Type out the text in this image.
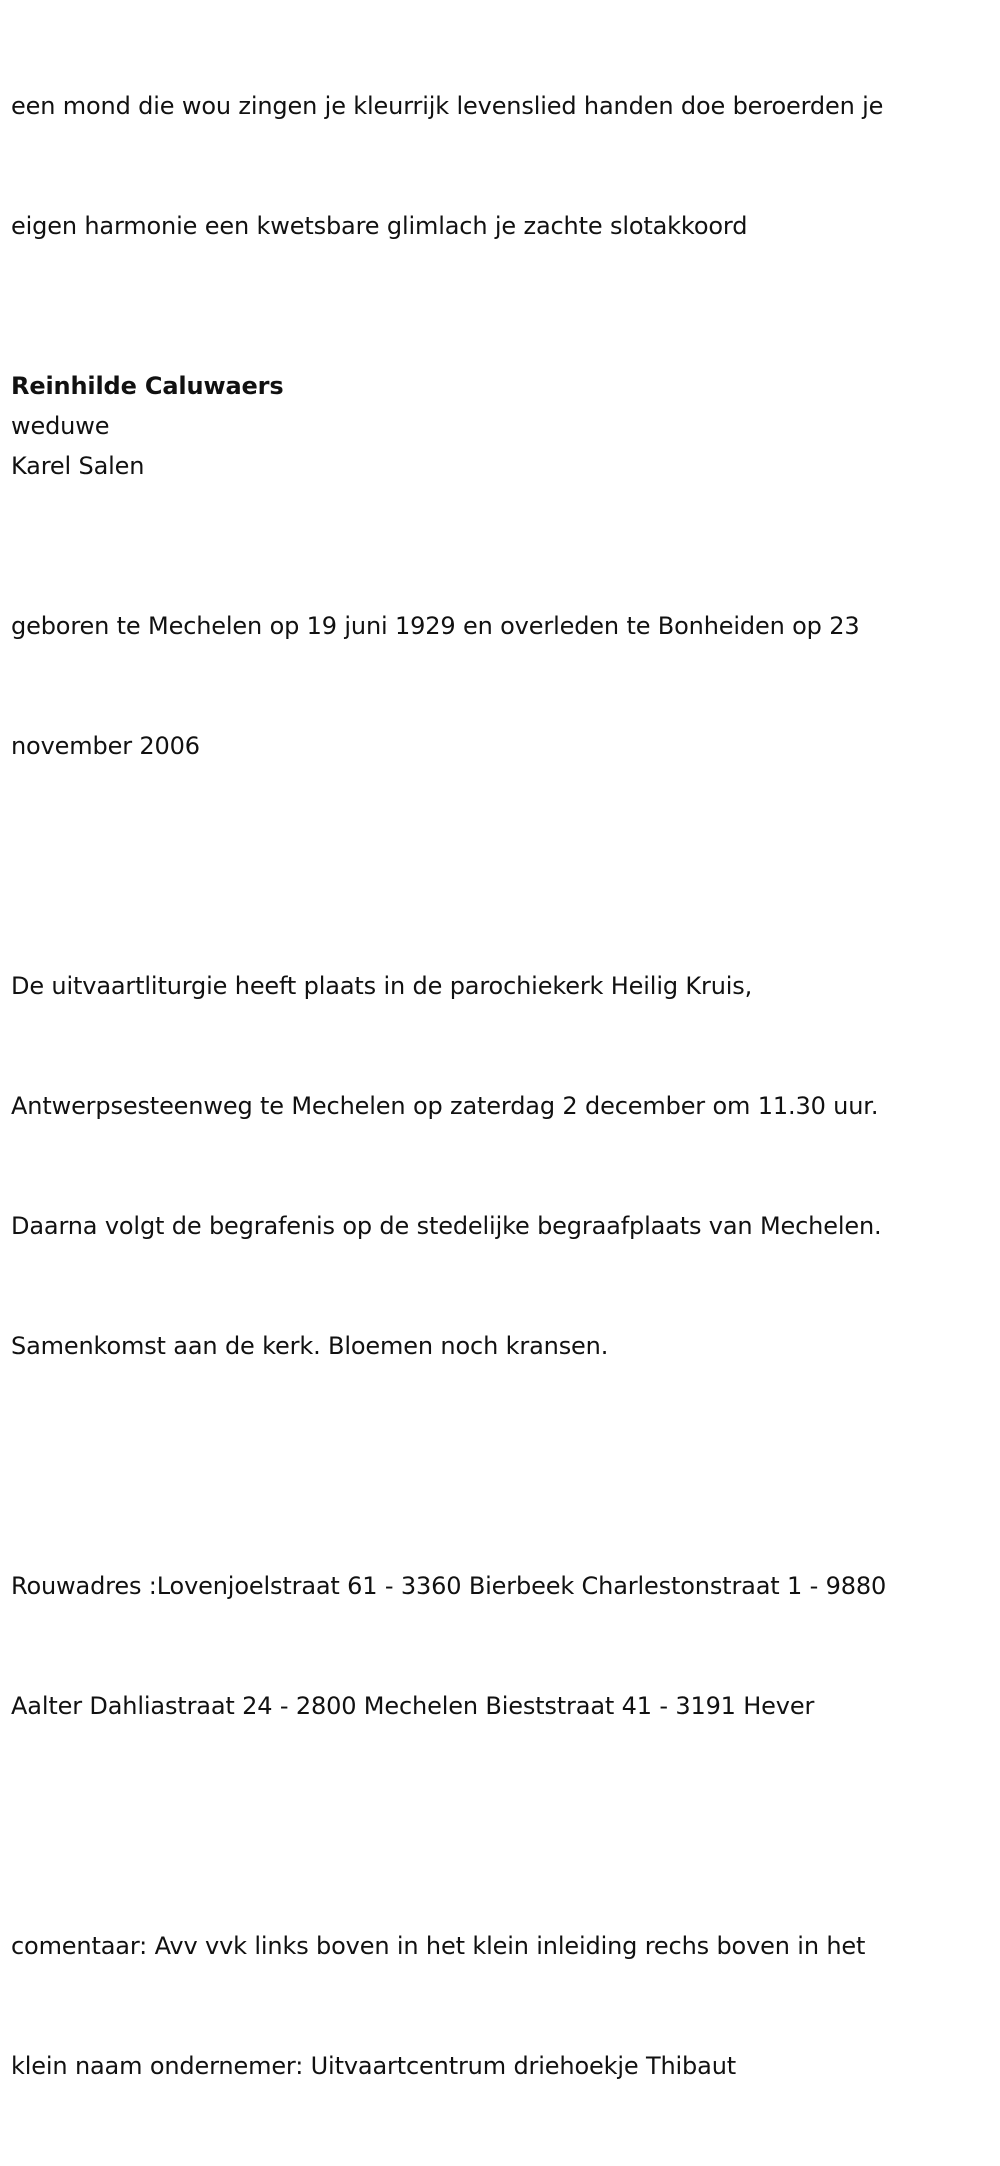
een mond die wou zingen je kleurrijk levenslied handen doe beroerden je

eigen harmonie een kwetsbare glimlach je zachte slotakkoord

Reinhilde Caluwaers

weduwe

Karel Salen

geboren te Mechelen op 19 juni 1929 en overleden te Bonheiden op 23

november 2006

De uitvaartliturgie heeft plaats in de parochiekerk Heilig Kruis,

Antwerpsesteenweg te Mechelen op zaterdag 2 december om 11.30 uur.

Daarna volgt de begrafenis op de stedelijke begraafplaats van Mechelen.

Samenkomst aan de kerk. Bloemen noch kransen.

Rouwadres :Lovenjoelstraat 61 - 3360 Bierbeek Charlestonstraat 1 - 9880

Aalter Dahliastraat 24 - 2800 Mechelen Bieststraat 41 - 3191 Hever

comentaar: Avv vvk links boven in het klein inleiding rechs boven in het

klein naam ondernemer: Uitvaartcentrum driehoekje Thibaut
